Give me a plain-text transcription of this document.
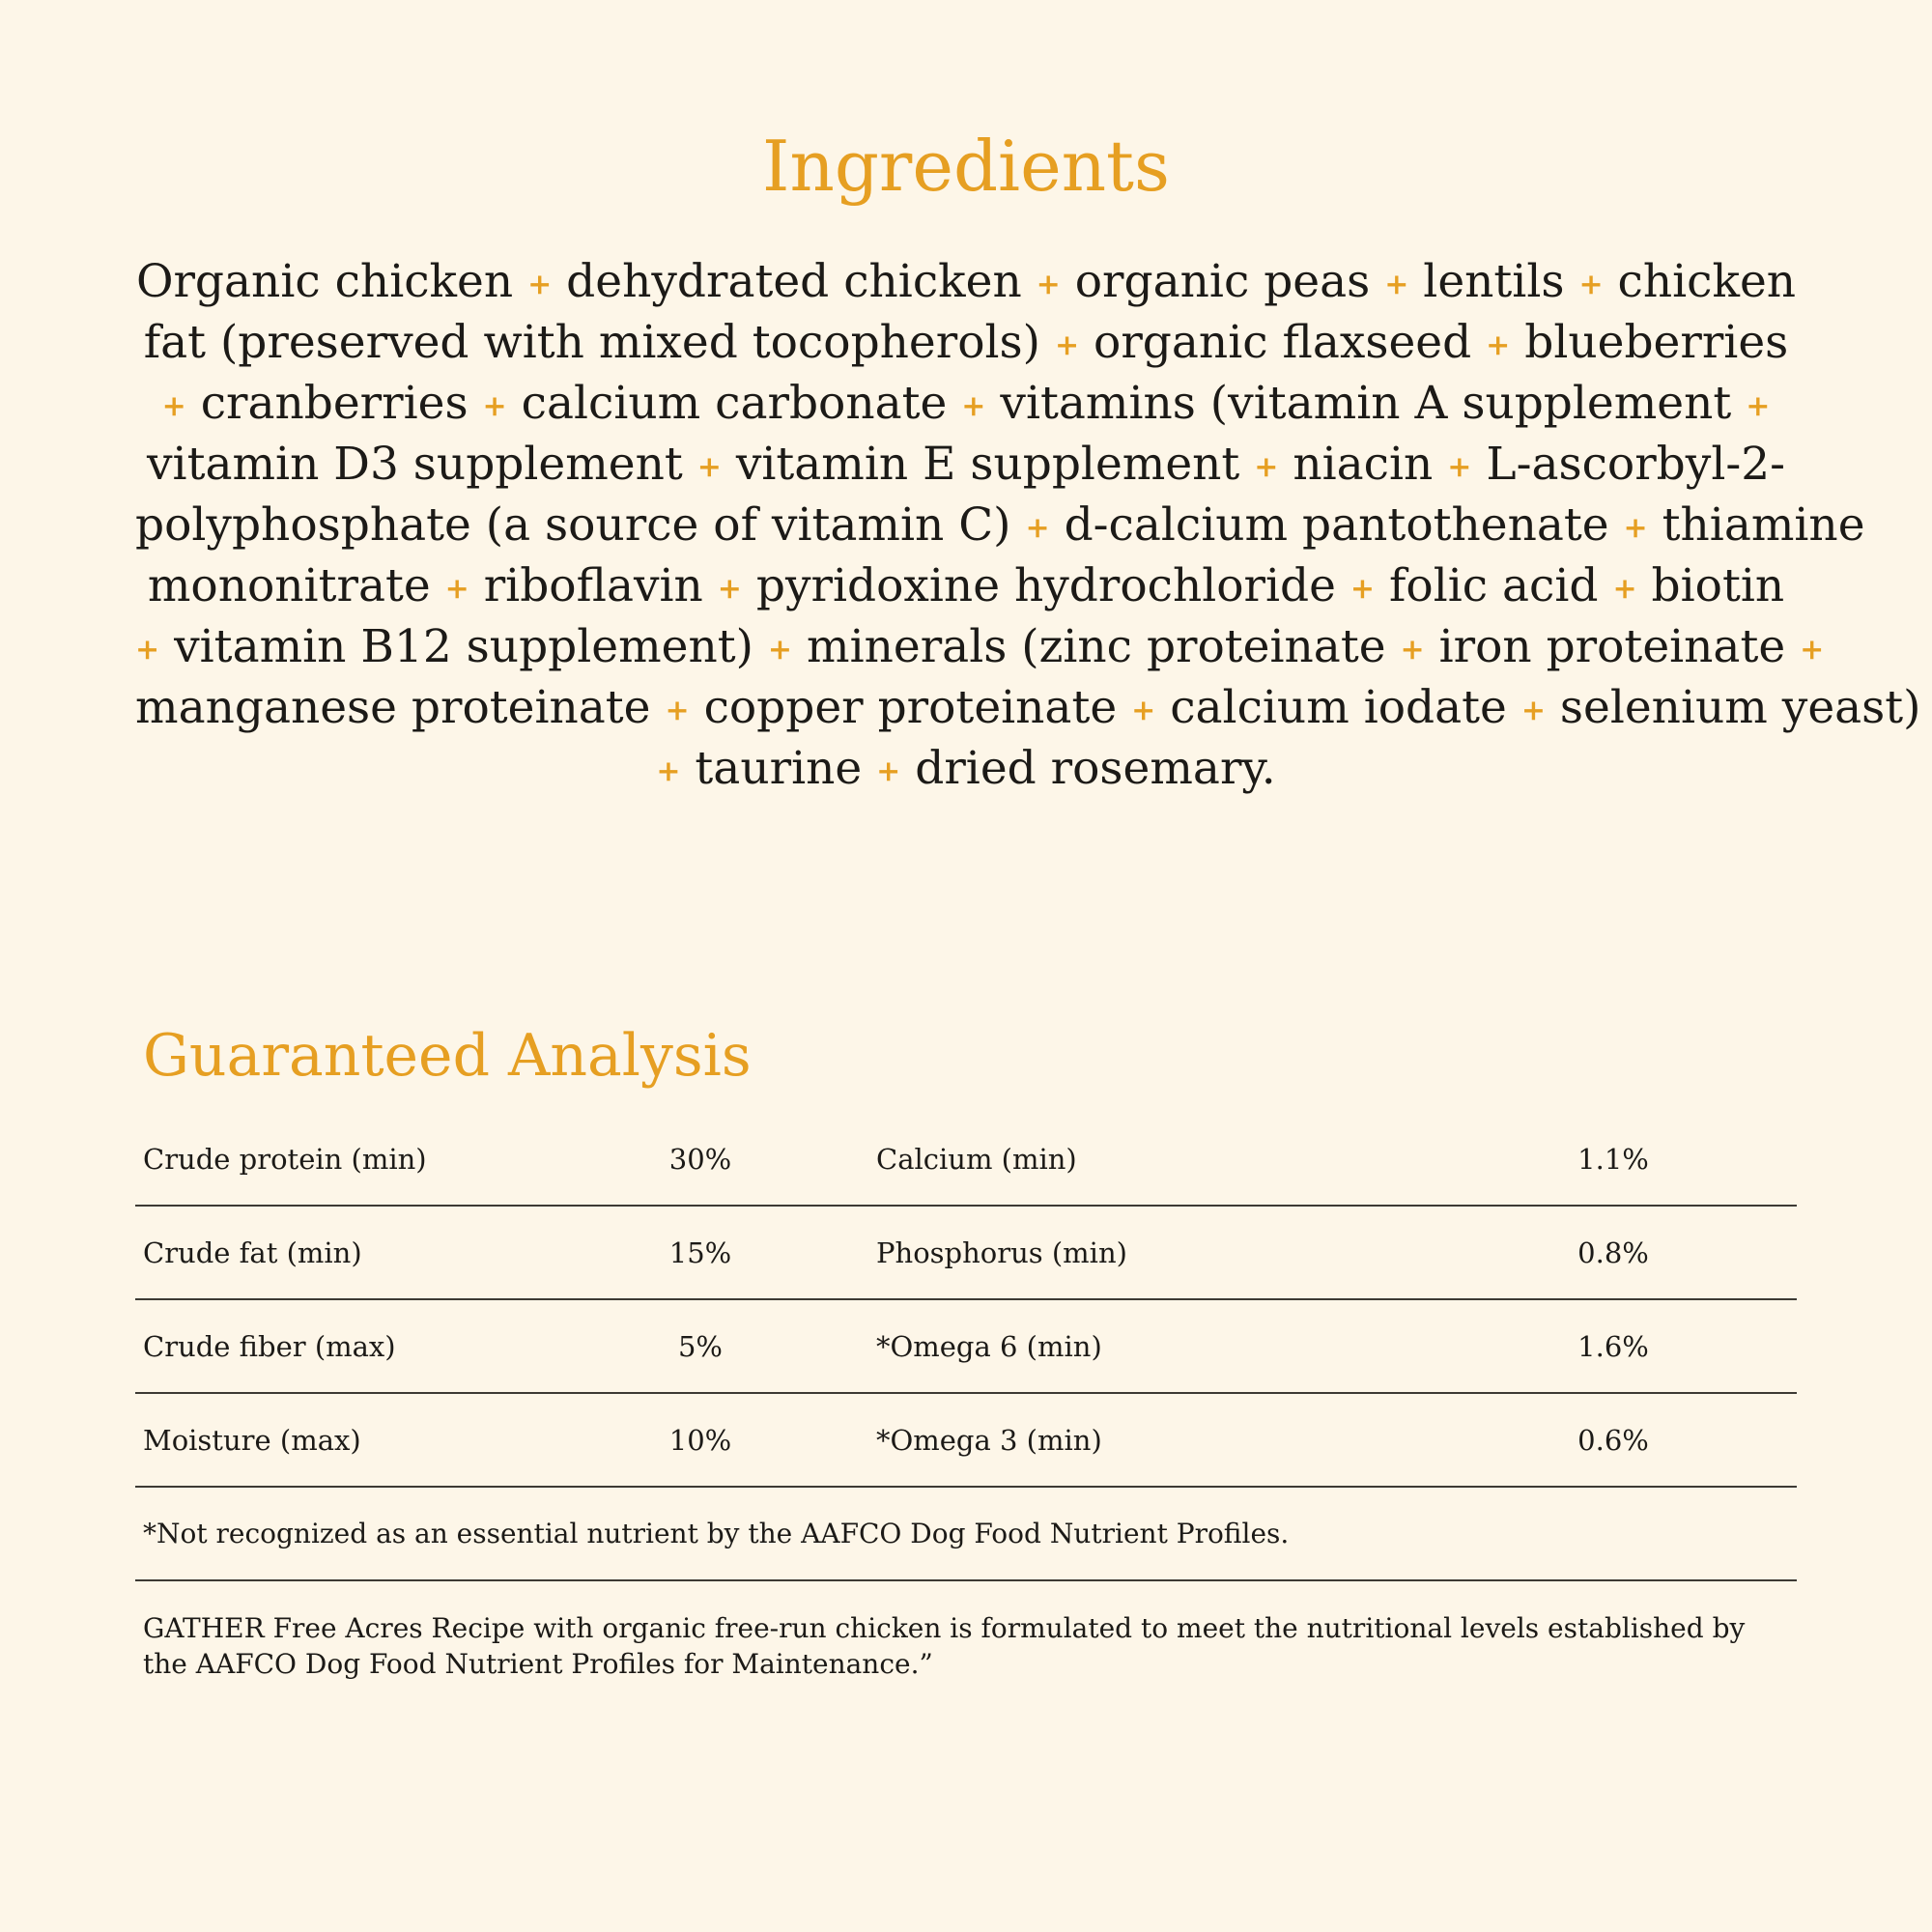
Ingredients

Organic chicken + dehydrated chicken + organic peas + lentils + chicken
fat (preserved with mixed tocopherols) + organic flaxseed + blueberries
+ cranberries + calcium carbonate + vitamins (vitamin A supplement +
vitamin D3 supplement + vitamin E supplement + niacin + L-ascorbyl-2-
polyphosphate (a source of vitamin C) + d-calcium pantothenate + thiamine
mononitrate + riboflavin + pyridoxine hydrochloride + folic acid + biotin
+ vitamin B12 supplement) + minerals (zinc proteinate + iron proteinate +
manganese proteinate + copper proteinate + calcium iodate + selenium yeast)
+ taurine + dried rosemary.

Guaranteed Analysis
Crude protein (min)	30%	Calcium (min)	1.1%
Crude fat (min)	15%	Phosphorus (min)	0.8%
Crude fiber (max)	5%	*Omega 6 (min)	1.6%
Moisture (max)	10%	*Omega 3 (min)	0.6%
*Not recognized as an essential nutrient by the AAFCO Dog Food Nutrient Profiles.

GATHER Free Acres Recipe with organic free-run chicken is formulated to meet the nutritional levels established by the AAFCO Dog Food Nutrient Profiles for Maintenance.”
